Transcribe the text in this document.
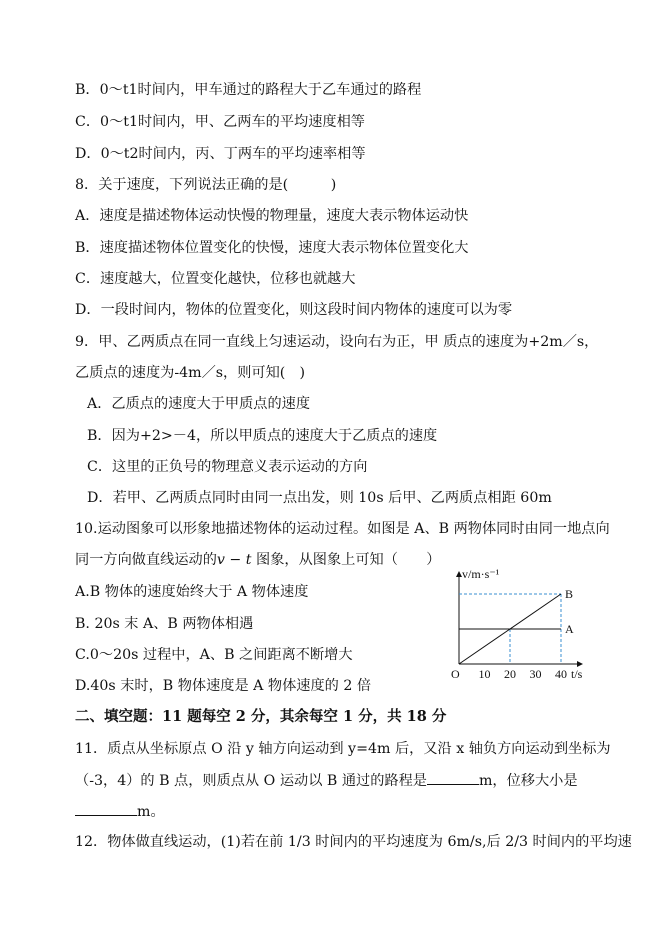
B．0～t1时间内，甲车通过的路程大于乙车通过的路程
C．0～t1时间内，甲、乙两车的平均速度相等
D．0～t2时间内，丙、丁两车的平均速率相等
8．关于速度，下列说法正确的是(　　　)
A．速度是描述物体运动快慢的物理量，速度大表示物体运动快
B．速度描述物体位置变化的快慢，速度大表示物体位置变化大
C．速度越大，位置变化越快，位移也就越大
D．一段时间内，物体的位置变化，则这段时间内物体的速度可以为零
9．甲、乙两质点在同一直线上匀速运动，设向右为正，甲 质点的速度为+2m／s，
乙质点的速度为-4m／s，则可知(　)
A．乙质点的速度大于甲质点的速度
B．因为+2>－4，所以甲质点的速度大于乙质点的速度
C．这里的正负号的物理意义表示运动的方向
D．若甲、乙两质点同时由同一点出发，则 10s 后甲、乙两质点相距 60m
10.运动图象可以形象地描述物体的运动过程。如图是 A、B 两物体同时由同一地点向
同一方向做直线运动的𝑣 − 𝑡 图象，从图象上可知（　　）
A.B 物体的速度始终大于 A 物体速度
B. 20s 末 A、B 两物体相遇
C.0～20s 过程中，A、B 之间距离不断增大
D.40s 末时，B 物体速度是 A 物体速度的 2 倍
二、填空题：11 题每空 2 分，其余每空 1 分，共 18 分
11．质点从坐标原点 O 沿 y 轴方向运动到 y=4m 后，又沿 x 轴负方向运动到坐标为
（-3，4）的 B 点，则质点从 O 运动以 B 通过的路程是	m，位移大小是
m。
12．物体做直线运动，(1)若在前 1/3 时间内的平均速度为 6m/s,后 2/3 时间内的平均速
A
B
10 20 30 40
v/m·s⁻¹
t/s
O
